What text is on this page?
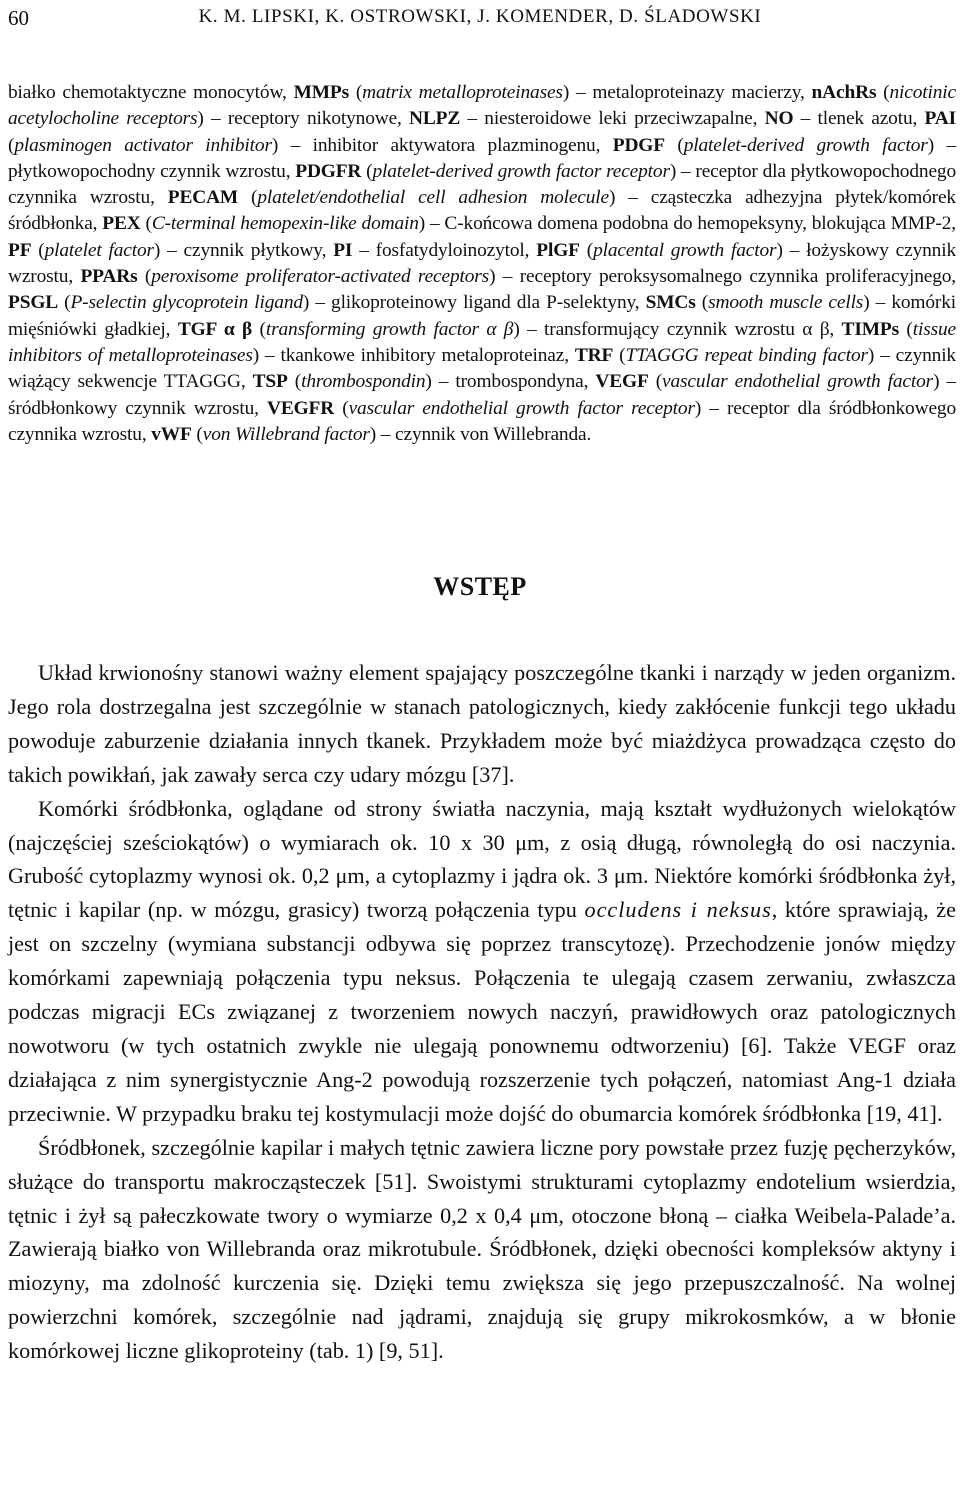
60	K. M. LIPSKI, K. OSTROWSKI, J. KOMENDER, D. ŚLADOWSKI

białko chemotaktyczne monocytów, MMPs (matrix metalloproteinases) – metaloproteinazy macierzy, nAchRs (nicotinic acetylocholine receptors) – receptory nikotynowe, NLPZ – niesteroidowe leki przeciwzapalne, NO – tlenek azotu, PAI (plasminogen activator inhibitor) – inhibitor aktywatora plazminogenu, PDGF (platelet-derived growth factor) – płytkowopochodny czynnik wzrostu, PDGFR (platelet-derived growth factor receptor) – receptor dla płytkowopochodnego czynnika wzrostu, PECAM (platelet/endothelial cell adhesion molecule) – cząsteczka adhezyjna płytek/komórek śródbłonka, PEX (C-terminal hemopexin-like domain) – C-końcowa domena podobna do hemopeksyny, blokująca MMP-2, PF (platelet factor) – czynnik płytkowy, PI – fosfatydyloinozytol, PlGF (placental growth factor) – łożyskowy czynnik wzrostu, PPARs (peroxisome proliferator-activated receptors) – receptory peroksysomalnego czynnika proliferacyjnego, PSGL (P-selectin glycoprotein ligand) – glikoproteinowy ligand dla P-selektyny, SMCs (smooth muscle cells) – komórki mięśniówki gładkiej, TGF α β (transforming growth factor α β) – transformujący czynnik wzrostu α β, TIMPs (tissue inhibitors of metalloproteinases) – tkankowe inhibitory metaloproteinaz, TRF (TTAGGG repeat binding factor) – czynnik wiążący sekwencje TTAGGG, TSP (thrombospondin) – trombospondyna, VEGF (vascular endothelial growth factor) – śródbłonkowy czynnik wzrostu, VEGFR (vascular endothelial growth factor receptor) – receptor dla śródbłonkowego czynnika wzrostu, vWF (von Willebrand factor) – czynnik von Willebranda.

WSTĘP

Układ krwionośny stanowi ważny element spajający poszczególne tkanki i narządy w jeden organizm. Jego rola dostrzegalna jest szczególnie w stanach patologicznych, kiedy zakłócenie funkcji tego układu powoduje zaburzenie działania innych tkanek. Przykładem może być miażdżyca prowadząca często do takich powikłań, jak zawały serca czy udary mózgu [37].

Komórki śródbłonka, oglądane od strony światła naczynia, mają kształt wydłużonych wielokątów (najczęściej sześciokątów) o wymiarach ok. 10 x 30 μm, z osią długą, równoległą do osi naczynia. Grubość cytoplazmy wynosi ok. 0,2 μm, a cytoplazmy i jądra ok. 3 μm. Niektóre komórki śródbłonka żył, tętnic i kapilar (np. w mózgu, grasicy) tworzą połączenia typu occludens i neksus, które sprawiają, że jest on szczelny (wymiana substancji odbywa się poprzez transcytozę). Przechodzenie jonów między komórkami zapewniają połączenia typu neksus. Połączenia te ulegają czasem zerwaniu, zwłaszcza podczas migracji ECs związanej z tworzeniem nowych naczyń, prawidłowych oraz patologicznych nowotworu (w tych ostatnich zwykle nie ulegają ponownemu odtworzeniu) [6]. Także VEGF oraz działająca z nim synergistycznie Ang-2 powodują rozszerzenie tych połączeń, natomiast Ang-1 działa przeciwnie. W przypadku braku tej kostymulacji może dojść do obumarcia komórek śródbłonka [19, 41].

Śródbłonek, szczególnie kapilar i małych tętnic zawiera liczne pory powstałe przez fuzję pęcherzyków, służące do transportu makrocząsteczek [51]. Swoistymi strukturami cytoplazmy endotelium wsierdzia, tętnic i żył są pałeczkowate twory o wymiarze 0,2 x 0,4 μm, otoczone błoną – ciałka Weibela-Palade’a. Zawierają białko von Willebranda oraz mikrotubule. Śródbłonek, dzięki obecności kompleksów aktyny i miozyny, ma zdolność kurczenia się. Dzięki temu zwiększa się jego przepuszczalność. Na wolnej powierzchni komórek, szczególnie nad jądrami, znajdują się grupy mikrokosmków, a w błonie komórkowej liczne glikoproteiny (tab. 1) [9, 51].
